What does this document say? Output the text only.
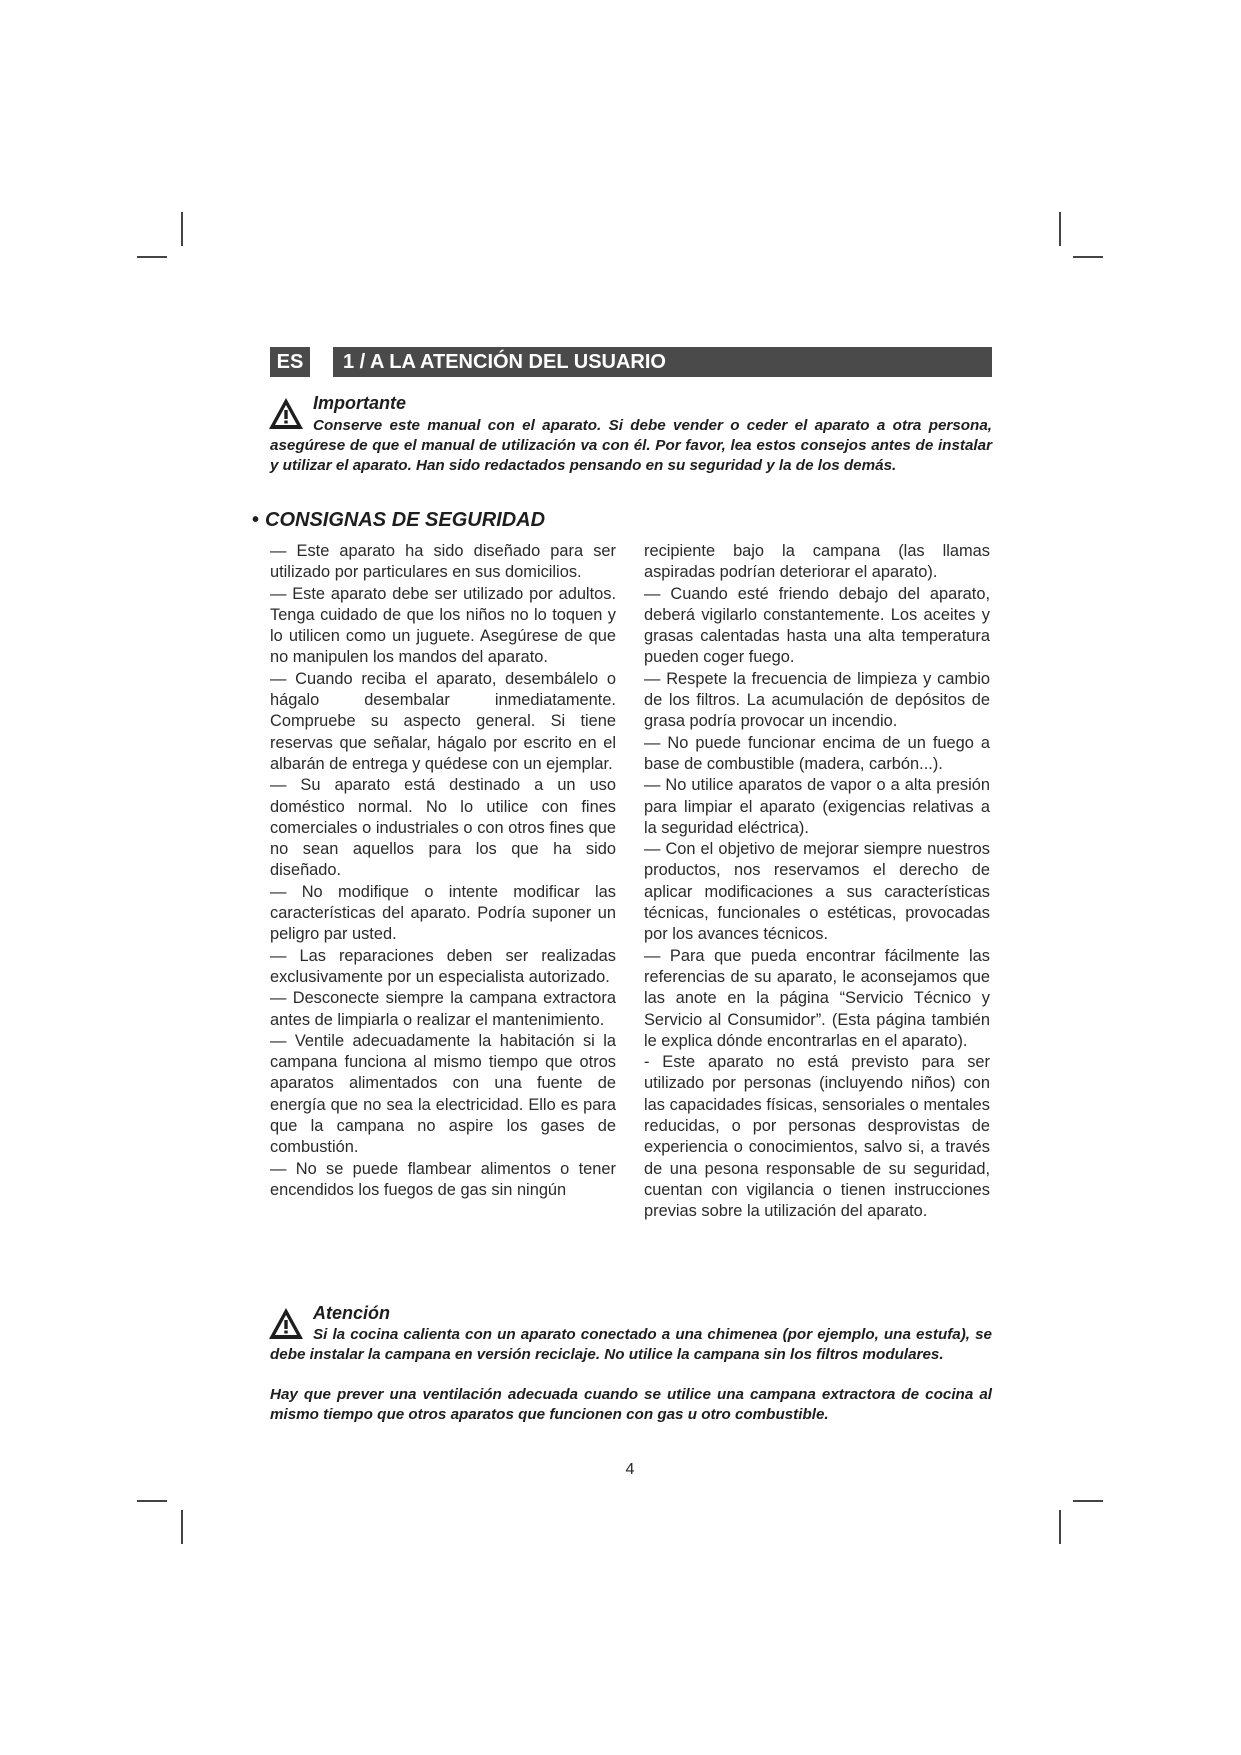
ES	1 / A LA ATENCIÓN DEL USUARIO
Importante
Conserve este manual con el aparato. Si debe vender o ceder el aparato a otra persona, asegúrese de que el manual de utilización va con él. Por favor, lea estos consejos antes de instalar y utilizar el aparato. Han sido redactados pensando en su seguridad y la de los demás.
• CONSIGNAS DE SEGURIDAD

— Este aparato ha sido diseñado para ser utilizado por particulares en sus domicilios.

— Este aparato debe ser utilizado por adultos. Tenga cuidado de que los niños no lo toquen y lo utilicen como un juguete. Asegúrese de que no manipulen los mandos del aparato.

— Cuando reciba el aparato, desembálelo o hágalo desembalar inmediatamente. Compruebe su aspecto general. Si tiene reservas que señalar, hágalo por escrito en el albarán de entrega y quédese con un ejemplar.

— Su aparato está destinado a un uso doméstico normal. No lo utilice con fines comerciales o industriales o con otros fines que no sean aquellos para los que ha sido diseñado.

— No modifique o intente modificar las características del aparato. Podría suponer un peligro par usted.

— Las reparaciones deben ser realizadas exclusivamente por un especialista autorizado.

— Desconecte siempre la campana extractora antes de limpiarla o realizar el mantenimiento.

— Ventile adecuadamente la habitación si la campana funciona al mismo tiempo que otros aparatos alimentados con una fuente de energía que no sea la electricidad. Ello es para que la campana no aspire los gases de combustión.

— No se puede flambear alimentos o tener encendidos los fuegos de gas sin ningún

recipiente bajo la campana (las llamas aspiradas podrían deteriorar el aparato).

— Cuando esté friendo debajo del aparato, deberá vigilarlo constantemente. Los aceites y grasas calentadas hasta una alta temperatura pueden coger fuego.

— Respete la frecuencia de limpieza y cambio de los filtros. La acumulación de depósitos de grasa podría provocar un incendio.

— No puede funcionar encima de un fuego a base de combustible (madera, carbón...).

— No utilice aparatos de vapor o a alta presión para limpiar el aparato (exigencias relativas a la seguridad eléctrica).

— Con el objetivo de mejorar siempre nuestros productos, nos reservamos el derecho de aplicar modificaciones a sus características técnicas, funcionales o estéticas, provocadas por los avances técnicos.

— Para que pueda encontrar fácilmente las referencias de su aparato, le aconsejamos que las anote en la página “Servicio Técnico y Servicio al Consumidor”. (Esta página también le explica dónde encontrarlas en el aparato).

- Este aparato no está previsto para ser utilizado por personas (incluyendo niños) con las capacidades físicas, sensoriales o mentales reducidas, o por personas desprovistas de experiencia o conocimientos, salvo si, a través de una pesona responsable de su seguridad, cuentan con vigilancia o tienen instrucciones previas sobre la utilización del aparato.

Atención
Si la cocina calienta con un aparato conectado a una chimenea (por ejemplo, una estufa), se debe instalar la campana en versión reciclaje. No utilice la campana sin los filtros modulares.
Hay que prever una ventilación adecuada cuando se utilice una campana extractora de cocina al mismo tiempo que otros aparatos que funcionen con gas u otro combustible.
4
